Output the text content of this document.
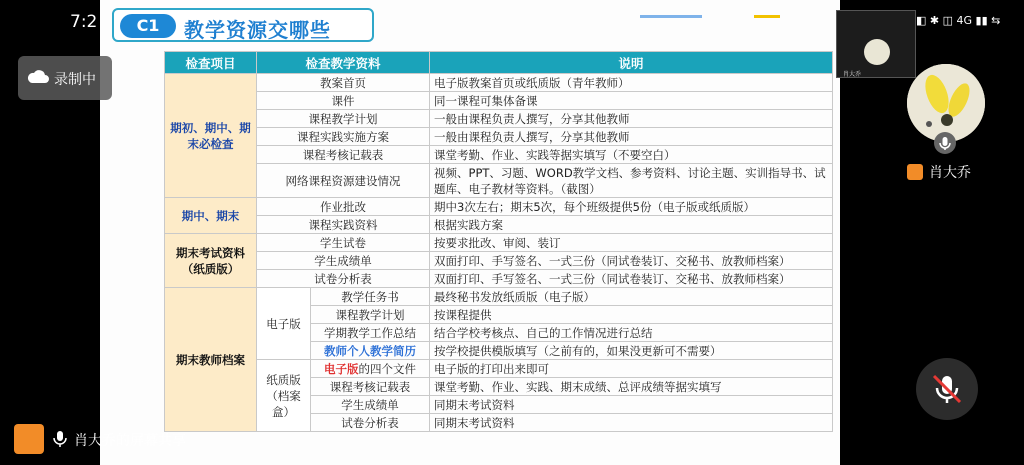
C1	教学资源交哪些
检查项目	检查教学资料		说明
期初、期中、期末必检查	教案首页		电子版教案首页或纸质版（青年教师）
	课件		同一课程可集体备课
	课程教学计划		一般由课程负责人撰写，分享其他教师
	课程实践实施方案		一般由课程负责人撰写，分享其他教师
	课程考核记载表		课堂考勤、作业、实践等据实填写（不要空白）
	网络课程资源建设情况		视频、PPT、习题、WORD教学文档、参考资料、讨论主题、实训指导书、试题库、电子教材等资料。（截图）
期中、期末	作业批改		期中3次左右；期末5次，每个班级提供5份（电子版或纸质版）
	课程实践资料		根据实践方案
期末考试资料（纸质版）	学生试卷		按要求批改、审阅、装订
	学生成绩单		双面打印、手写签名、一式三份（同试卷装订、交秘书、放教师档案）
	试卷分析表		双面打印、手写签名、一式三份（同试卷装订、交秘书、放教师档案）
期末教师档案	电子版	教学任务书	最终秘书发放纸质版（电子版）
		课程教学计划	按课程提供
		学期教学工作总结	结合学校考核点、自己的工作情况进行总结
		教师个人教学简历	按学校提供模版填写（之前有的，如果没更新可不需要）
	纸质版（档案盒）	电子版的四个文件	电子版的打印出来即可
		课程考核记载表	课堂考勤、作业、实践、期末成绩、总评成绩等据实填写
		学生成绩单	同期末考试资料
		试卷分析表	同期末考试资料
7:2
录制中	肖大乔
◧ ✱ ◫ 4G ▮▮ ⇆
肖大乔
肖大乔的屏幕共享
